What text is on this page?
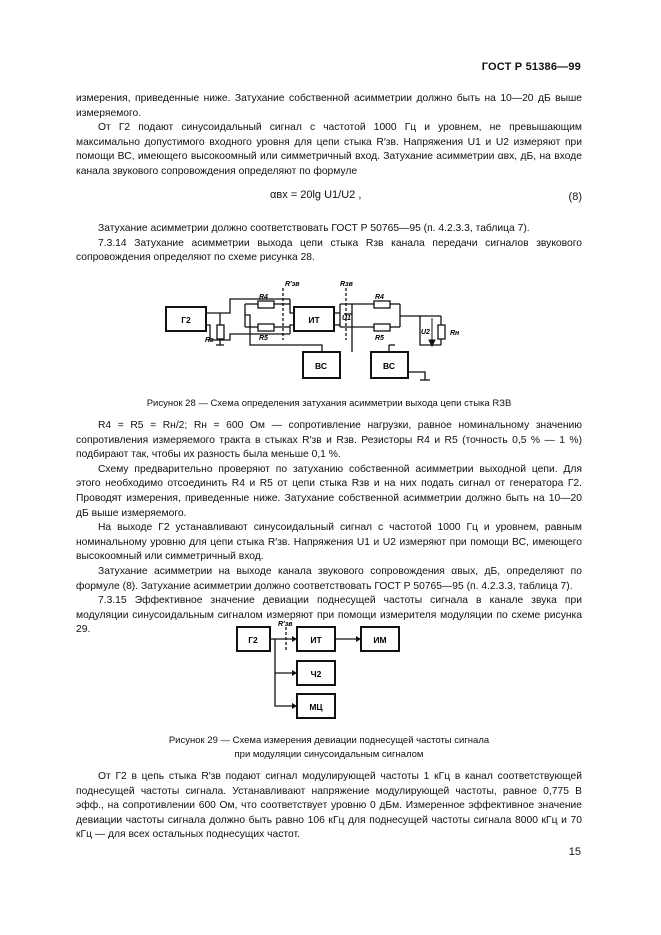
ГОСТ Р 51386—99

измерения, приведенные ниже. Затухание собственной асимметрии должно быть на 10—20 дБ выше измеряемого.

От Г2 подают синусоидальный сигнал с частотой 1000 Гц и уровнем, не превышающим максимально допустимого входного уровня для цепи стыка R′зв. Напряжения U1 и U2 измеряют при помощи ВС, имеющего высокоомный или симметричный вход. Затухание асимметрии αвх, дБ, на входе канала звукового сопровождения определяют по формуле

αвх = 20lg U1/U2 ,	(8)

Затухание асимметрии должно соответствовать ГОСТ Р 50765—95 (п. 4.2.3.3, таблица 7).

7.3.14 Затухание асимметрии выхода цепи стыка Rзв канала передачи сигналов звукового сопровождения определяют по схеме рисунка 28.

Г2	ИТ
ВС	ВС
R4
R5
R4
R5
Rг
R′зв	Rзв
U1
U2	Rн
Г2	ИТ	ИМ
Ч2
МЦ
R′зв
Рисунок 28 — Схема определения затухания асимметрии выхода цепи стыка RЗВ

R4 = R5 = Rн/2; Rн = 600 Ом — сопротивление нагрузки, равное номинальному значению сопротивления измеряемого тракта в стыках R′зв и Rзв. Резисторы R4 и R5 (точность 0,5 % — 1 %) подбирают так, чтобы их разность была меньше 0,1 %.

Схему предварительно проверяют по затуханию собственной асимметрии выходной цепи. Для этого необходимо отсоединить R4 и R5 от цепи стыка Rзв и на них подать сигнал от генератора Г2. Проводят измерения, приведенные ниже. Затухание собственной асимметрии должно быть на 10—20 дБ выше измеряемого.

На выходе Г2 устанавливают синусоидальный сигнал с частотой 1000 Гц и уровнем, равным номинальному уровню для цепи стыка R′зв. Напряжения U1 и U2 измеряют при помощи ВС, имеющего высокоомный или симметричный вход.

Затухание асимметрии на выходе канала звукового сопровождения αвых, дБ, определяют по формуле (8). Затухание асимметрии должно соответствовать ГОСТ Р 50765—95 (п. 4.2.3.3, таблица 7).

7.3.15 Эффективное значение девиации поднесущей частоты сигнала в канале звука при модуляции синусоидальным сигналом измеряют при помощи измерителя модуляции по схеме рисунка 29.

Рисунок 29 — Схема измерения девиации поднесущей частоты сигнала
при модуляции синусоидальным сигналом

От Г2 в цепь стыка R′зв подают сигнал модулирующей частоты 1 кГц в канал соответствующей поднесущей частоты сигнала. Устанавливают напряжение модулирующей частоты, равное 0,775 В эфф., на сопротивлении 600 Ом, что соответствует уровню 0 дБм. Измеренное эффективное значение девиации частоты сигнала должно быть равно 106 кГц для поднесущей частоты сигнала 8000 кГц и 70 кГц — для всех остальных поднесущих частот.

15
